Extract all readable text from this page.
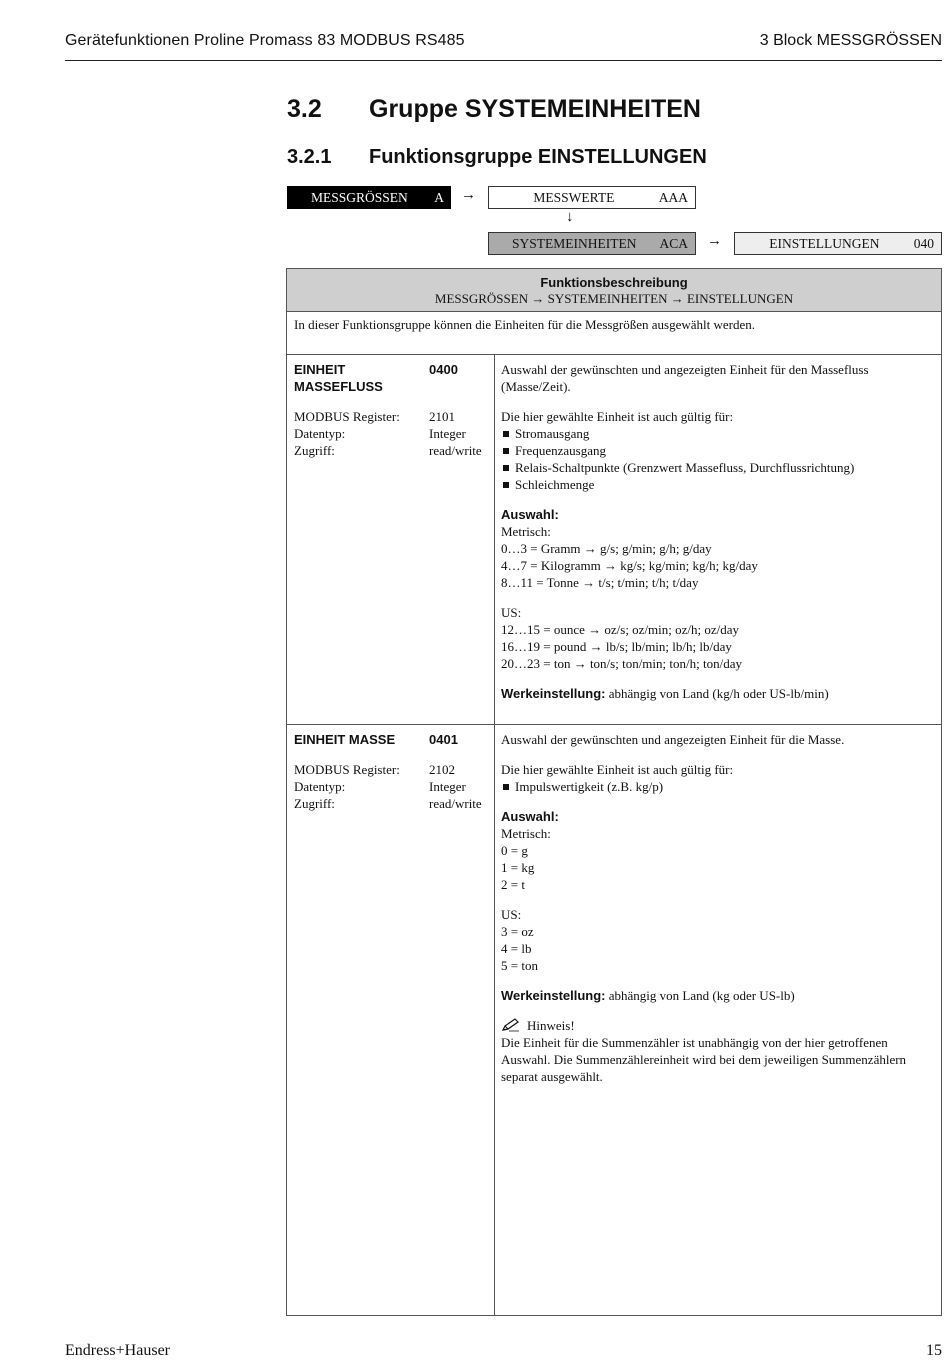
Gerätefunktionen Proline Promass 83 MODBUS RS485	3 Block MESSGRÖSSEN
3.2 Gruppe SYSTEMEINHEITEN
3.2.1 Funktionsgruppe EINSTELLUNGEN
MESSGRÖSSEN	A	→	MESSWERTE	AAA
↓
SYSTEMEINHEITEN	ACA	→	EINSTELLUNGEN	040
Funktionsbeschreibung
MESSGRÖSSEN → SYSTEMEINHEITEN → EINSTELLUNGEN
In dieser Funktionsgruppe können die Einheiten für die Messgrößen ausgewählt werden.
EINHEIT MASSEFLUSS
0400
MODBUS Register: 2101
Datentyp:	Integer
Zugriff:	read/write

Auswahl der gewünschten und angezeigten Einheit für den Massefluss (Masse/Zeit).

Die hier gewählte Einheit ist auch gültig für:
Stromausgang
Frequenzausgang
Relais-Schaltpunkte (Grenzwert Massefluss, Durchflussrichtung)
Schleichmenge
Auswahl:
Metrisch:
0…3 = Gramm → g/s; g/min; g/h; g/day
4…7 = Kilogramm → kg/s; kg/min; kg/h; kg/day
8…11 = Tonne → t/s; t/min; t/h; t/day
US:
12…15 = ounce → oz/s; oz/min; oz/h; oz/day
16…19 = pound → lb/s; lb/min; lb/h; lb/day
20…23 = ton → ton/s; ton/min; ton/h; ton/day
Werkeinstellung: abhängig von Land (kg/h oder US-lb/min)
EINHEIT MASSE	0401
MODBUS Register: 2102
Datentyp:	Integer
Zugriff:	read/write

Auswahl der gewünschten und angezeigten Einheit für die Masse.

Die hier gewählte Einheit ist auch gültig für:
Impulswertigkeit (z.B. kg/p)
Auswahl:
Metrisch:
0 = g
1 = kg
2 = t
US:
3 = oz
4 = lb
5 = ton
Werkeinstellung: abhängig von Land (kg oder US-lb)
Hinweis!
Die Einheit für die Summenzähler ist unabhängig von der hier getroffenen Auswahl. Die Summenzählereinheit wird bei dem jeweiligen Summenzählern separat ausgewählt.
Endress+Hauser	15
